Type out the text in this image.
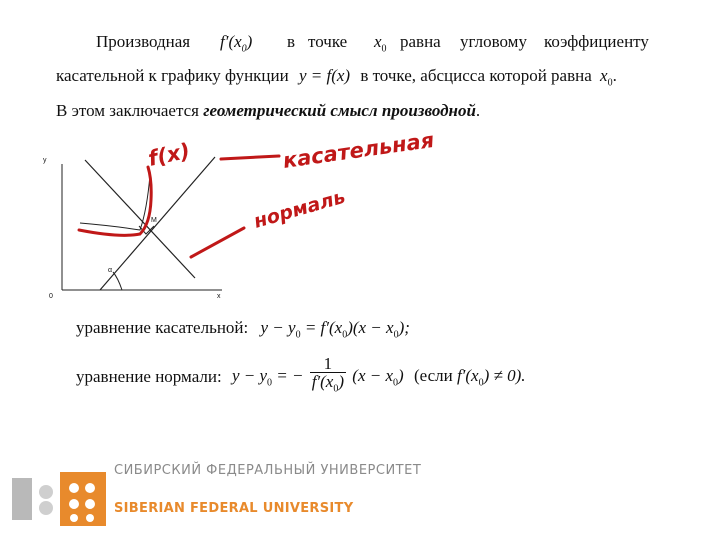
Производная $f'(x_0)$ в точке $x_0$ равна угловому коэффициенту
касательной к графику функции y = f(x) в точке, абсцисса которой равна $x_0$.
В этом заключается геометрический смысл производной.
y
x
0
α
M
f(x)	касательная
нормаль
уравнение касательной: $y - y_0 = f'(x_0)(x - x_0)$;
уравнение нормали: $y - y_0$ = − $\frac{1}{f'(x_0)} (x - x_0)$ (если $f'(x_0) \ne 0$).
СИБИРСКИЙ ФЕДЕРАЛЬНЫЙ УНИВЕРСИТЕТ
SIBERIAN FEDERAL UNIVERSITY
